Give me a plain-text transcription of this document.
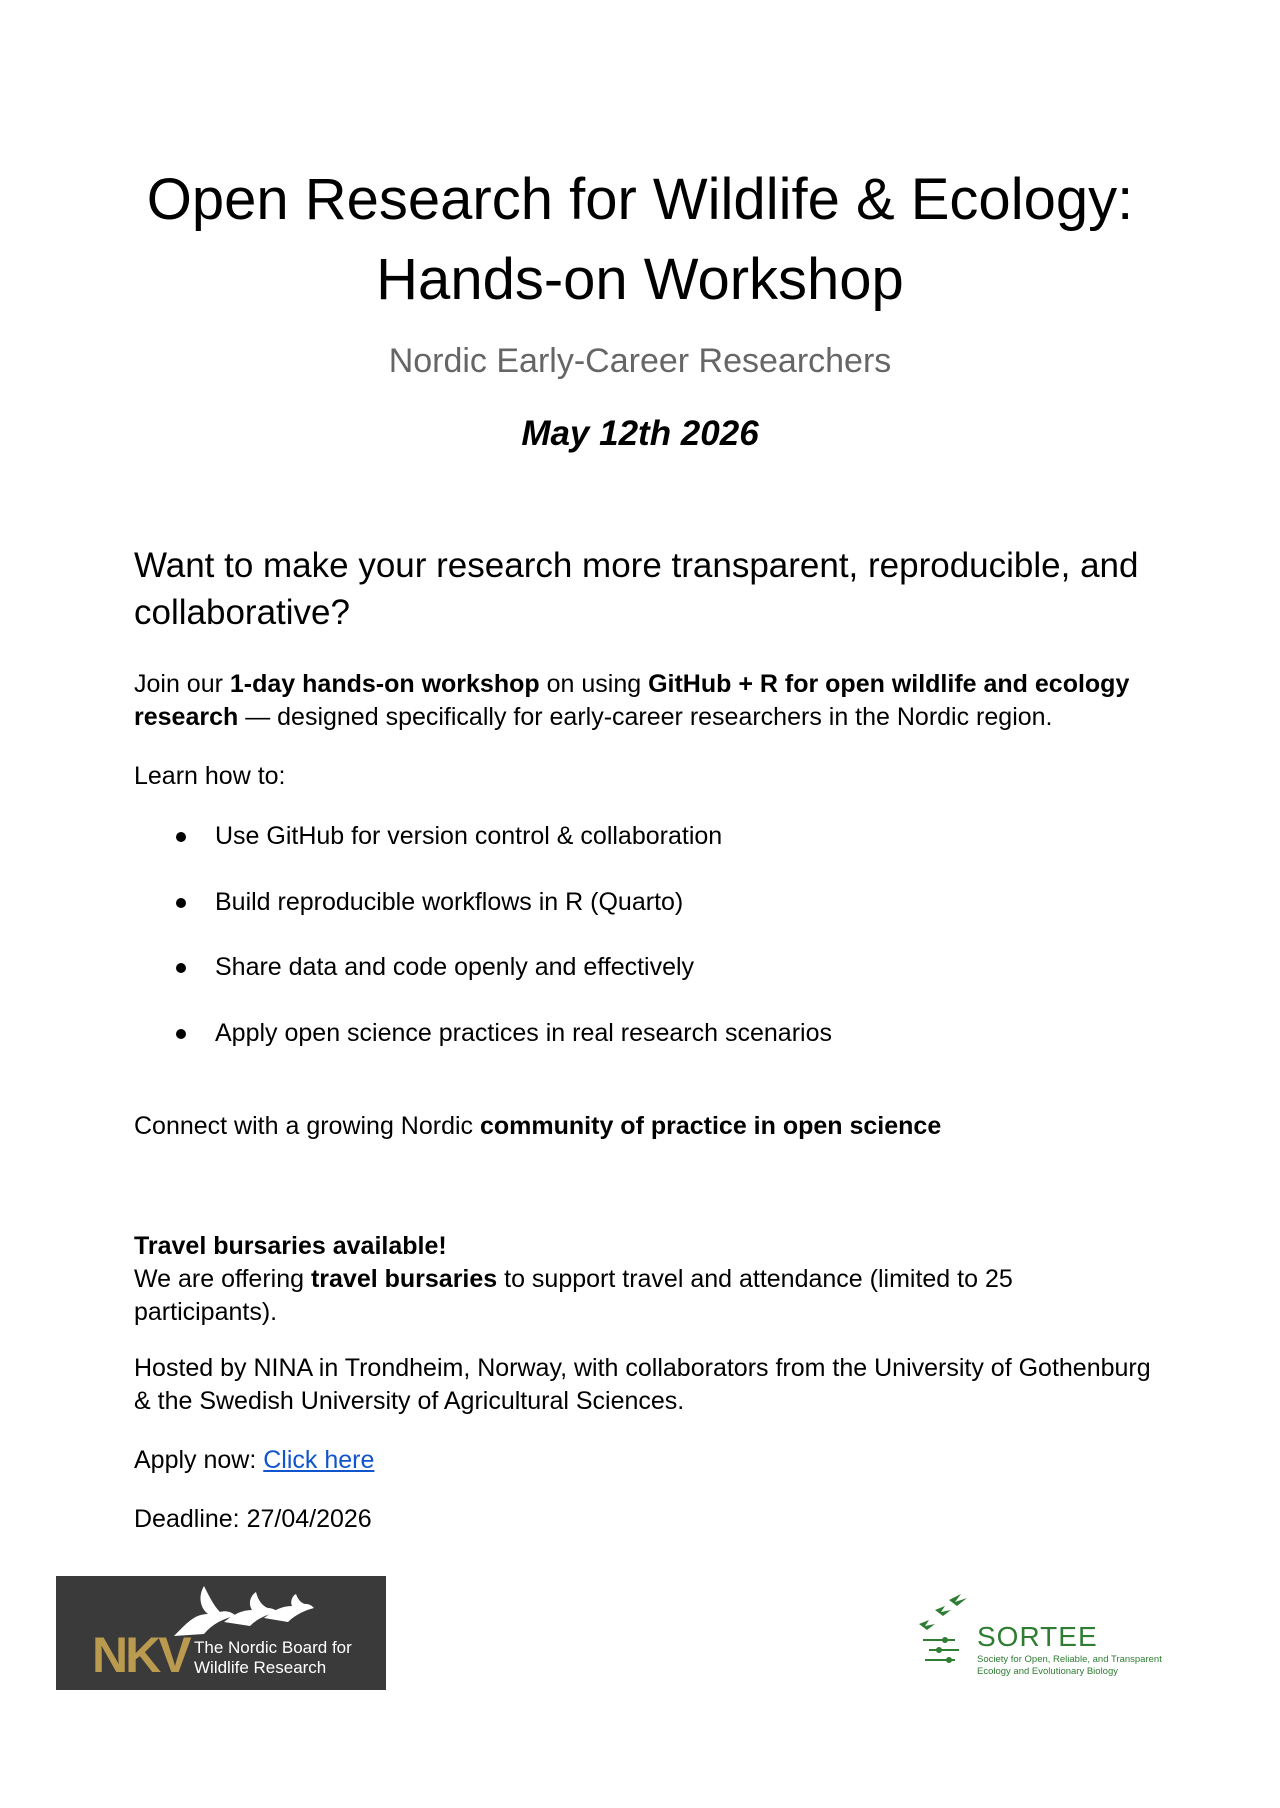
Open Research for Wildlife & Ecology:
Hands-on Workshop
Nordic Early-Career Researchers
May 12th 2026
Want to make your research more transparent, reproducible, and collaborative?

Join our 1-day hands-on workshop on using GitHub + R for open wildlife and ecology research — designed specifically for early-career researchers in the Nordic region.

Learn how to:

Use GitHub for version control & collaboration
Build reproducible workflows in R (Quarto)
Share data and code openly and effectively
Apply open science practices in real research scenarios

Connect with a growing Nordic community of practice in open science

Travel bursaries available!
We are offering travel bursaries to support travel and attendance (limited to 25 participants).

Hosted by NINA in Trondheim, Norway, with collaborators from the University of Gothenburg & the Swedish University of Agricultural Sciences.

Apply now: Click here

Deadline: 27/04/2026

NKV The Nordic Board for
Wildlife Research
SORTEE
Society for Open, Reliable, and Transparent
Ecology and Evolutionary Biology
